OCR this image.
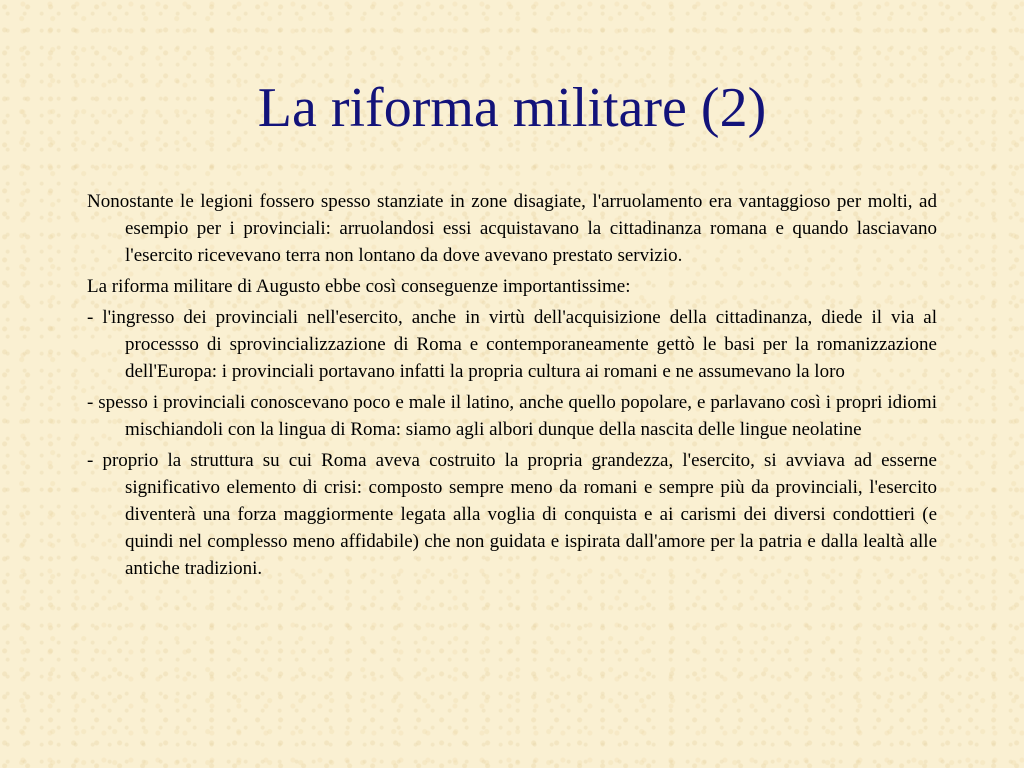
La riforma militare (2)

Nonostante le legioni fossero spesso stanziate in zone disagiate, l'arruolamento era vantaggioso per molti, ad esempio per i provinciali: arruolandosi essi acquistavano la cittadinanza romana e quando lasciavano l'esercito ricevevano terra non lontano da dove avevano prestato servizio.

La riforma militare di Augusto ebbe così conseguenze importantissime:

- l'ingresso dei provinciali nell'esercito, anche in virtù dell'acquisizione della cittadinanza, diede il via al processso di sprovincializzazione di Roma e contemporaneamente gettò le basi per la romanizzazione dell'Europa: i provinciali portavano infatti la propria cultura ai romani e ne assumevano la loro

- spesso i provinciali conoscevano poco e male il latino, anche quello popolare, e parlavano così i propri idiomi mischiandoli con la lingua di Roma: siamo agli albori dunque della nascita delle lingue neolatine

- proprio la struttura su cui Roma aveva costruito la propria grandezza, l'esercito, si avviava ad esserne significativo elemento di crisi: composto sempre meno da romani e sempre più da provinciali, l'esercito diventerà una forza maggiormente legata alla voglia di conquista e ai carismi dei diversi condottieri (e quindi nel complesso meno affidabile) che non guidata e ispirata dall'amore per la patria e dalla lealtà alle antiche tradizioni.
